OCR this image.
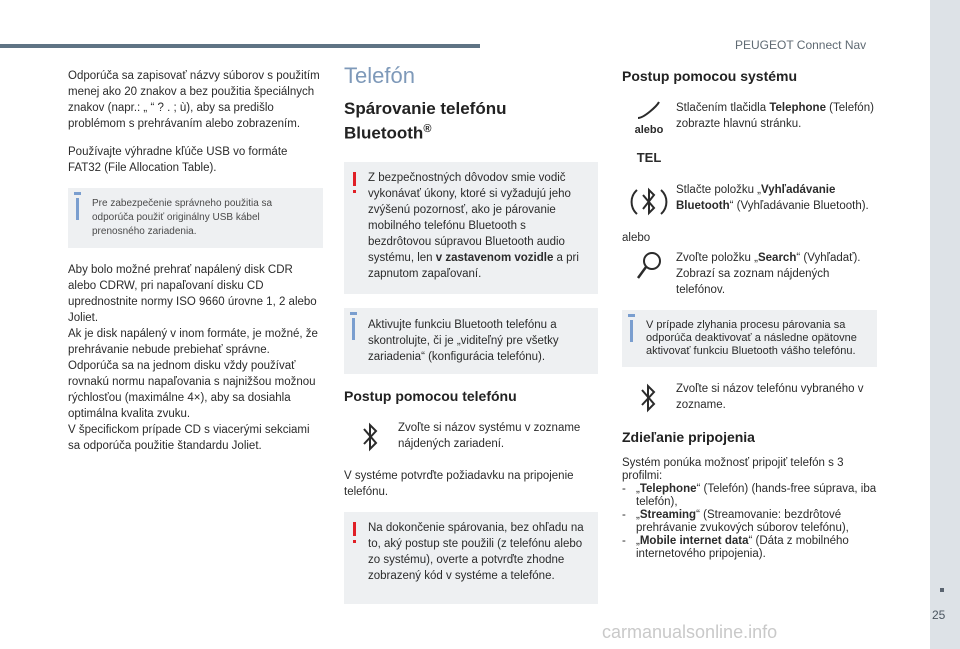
PEUGEOT Connect Nav
25

Odporúča sa zapisovať názvy súborov s použitím menej ako 20 znakov a bez použitia špeciálnych znakov (napr.: „ “ ? . ; ù), aby sa predišlo problémom s prehrávaním alebo zobrazením.

Používajte výhradne kľúče USB vo formáte FAT32 (File Allocation Table).

Pre zabezpečenie správneho použitia sa odporúča použiť originálny USB kábel prenosného zariadenia.

Aby bolo možné prehrať napálený disk CDR alebo CDRW, pri napaľovaní disku CD uprednostnite normy ISO 9660 úrovne 1, 2 alebo Joliet.

Ak je disk napálený v inom formáte, je možné, že prehrávanie nebude prebiehať správne.

Odporúča sa na jednom disku vždy používať rovnakú normu napaľovania s najnižšou možnou rýchlosťou (maximálne 4×), aby sa dosiahla optimálna kvalita zvuku.

V špecifickom prípade CD s viacerými sekciami sa odporúča použitie štandardu Joliet.

Telefón
Spárovanie telefónu Bluetooth®
Z bezpečnostných dôvodov smie vodič vykonávať úkony, ktoré si vyžadujú jeho zvýšenú pozornosť, ako je párovanie mobilného telefónu Bluetooth s bezdrôtovou súpravou Bluetooth audio systému, len v zastavenom vozidle a pri zapnutom zapaľovaní.
Aktivujte funkciu Bluetooth telefónu a skontrolujte, či je „viditeľný pre všetky zariadenia“ (konfigurácia telefónu).
Postup pomocou telefónu
Zvoľte si názov systému v zozname nájdených zariadení.

V systéme potvrďte požiadavku na pripojenie telefónu.

Na dokončenie spárovania, bez ohľadu na to, aký postup ste použili (z telefónu alebo zo systému), overte a potvrďte zhodne zobrazený kód v systéme a telefóne.
Postup pomocou systému
alebo
TEL
Stlačením tlačidla Telephone (Telefón) zobrazte hlavnú stránku.
Stlačte položku „Vyhľadávanie Bluetooth“ (Vyhľadávanie Bluetooth).
alebo
Zvoľte položku „Search“ (Vyhľadať). Zobrazí sa zoznam nájdených telefónov.
V prípade zlyhania procesu párovania sa odporúča deaktivovať a následne opätovne aktivovať funkciu Bluetooth vášho telefónu.
Zvoľte si názov telefónu vybraného v zozname.
Zdieľanie pripojenia
Systém ponúka možnosť pripojiť telefón s 3 profilmi:
- „Telephone“ (Telefón) (hands-free súprava, iba telefón),
- „Streaming“ (Streamovanie: bezdrôtové prehrávanie zvukových súborov telefónu),
- „Mobile internet data“ (Dáta z mobilného internetového pripojenia).
carmanualsonline.info
